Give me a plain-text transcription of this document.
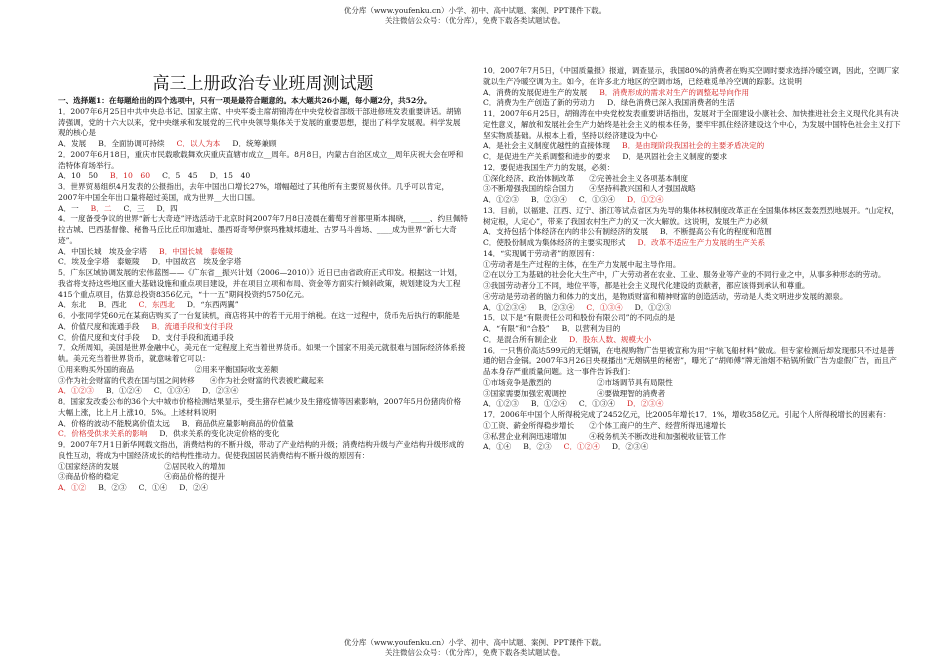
优分库（www.youfenku.cn）小学、初中、高中试题、案例、PPT课件下载。
关注微信公众号：（优分库），免费下载各类试题试卷。
高三上册政治专业班周测试题
一、选择题1：在每题给出的四个选项中，只有一项是最符合题意的。本大题共26小题，每小题2分，共52分。
1．2007年6月25日中共中央总书记、国家主席、中央军委主席胡锦涛在中央党校省部级干部进修班发表重要讲话。胡锦涛强调，党的十六大以来，党中央继承和发展党的三代中央领导集体关于发展的重要思想，提出了科学发展观。科学发展观的核心是
A．发展 B．全面协调可持续 C．以人为本 D．统筹兼顾
2．2007年6月18日，重庆市民载歌载舞欢庆重庆直辖市成立__周年。8月8日，内蒙古自治区成立__周年庆祝大会在呼和浩特体育场举行。
A．10　50 B．10　60 C．5　45 D．15　40
3．世界贸易组织4月发表的公报指出，去年中国出口增长27%，增幅超过了其他所有主要贸易伙伴。几乎可以肯定，2007年中国全年出口量将超过美国，成为世界__大出口国。
A．一 B．二 C．三 D．四
4．一度备受争议的世界“新七大奇迹”评选活动于北京时间2007年7月8日凌晨在葡萄牙首都里斯本揭晓，_____、约旦佩特拉古城、巴西基督像、秘鲁马丘比丘印加遗址、墨西哥奇琴伊察玛雅城邦遗址、古罗马斗兽场、____成为世界“新七大奇迹”。
A．中国长城　埃及金字塔 B．中国长城　泰姬陵
C．埃及金字塔　泰姬陵 D．中国故宫　埃及金字塔
5．广东区域协调发展的宏伟蓝图——《广东省__振兴计划（2006—2010）》近日已由省政府正式印发。根据这一计划，我省将支持这些地区重大基础设施和重点项目建设，并在项目立项和布局、资金等方面实行倾斜政策，规划建设为大工程415个重点项目，估算总投资8356亿元，“十一五”期间投资约5750亿元。
A．东北 B．西北 C．东西北 D．“东西两翼”
6．小张同学凭60元在某商店购买了一台复读机，商店将其中的若干元用于纳税。在这一过程中，货币先后执行的职能是
A．价值尺度和流通手段 B．流通手段和支付手段
C．价值尺度和支付手段 D．支付手段和流通手段
7．众所周知，美国是世界金融中心，美元在一定程度上充当着世界货币。如果一个国家不用美元就很难与国际经济体系接轨。美元充当着世界货币，就意味着它可以：
①用来购买外国的商品　　　　　　　　②用来平衡国际收支差额
③作为社会财富的代表在国与国之间转移　　④作为社会财富的代表被贮藏起来
A．①②③ B．①②④ C．①③④ D．②③④
8．国家发改委公布的36个大中城市价格检测结果显示，受生猪存栏减少及生猪疫情等因素影响，2007年5月份猪肉价格大幅上涨，比上月上涨10．5%。上述材料说明
A．价格的波动不能脱离价值太远 B．商品供应量影响商品的价值量
C．价格受供求关系的影响 D．供求关系的变化决定价格的变化
9．2007年7月1日新华网载文指出，消费结构的不断升级，带动了产业结构的升级；消费结构升级与产业结构升级形成的良性互动，将成为中国经济成长的结构性推动力。促使我国居民消费结构不断升级的原因有：
①国家经济的发展　　　　　　②居民收入的增加
③商品价格的稳定　　　　　　④商品价格的提升
A．①② B．②③ C．①④ D．②④
10．2007年7月5日，《中国质量报》报道，调查显示，我国80%的消费者在购买空调时要求选择冷暖空调，因此，空调厂家就以生产冷暖空调为主。如今，在许多北方地区的空调市场，已经难觅单冷空调的踪影。这说明
A．消费的发展促进生产的发展 B．消费形成的需求对生产的调整起导向作用
C．消费为生产创造了新的劳动力 D．绿色消费已深入我国消费者的生活
11．2007年6月25日，胡锦涛在中央党校发表重要讲话指出，发展对于全面建设小康社会、加快推进社会主义现代化具有决定性意义，解放和发展社会生产力始终是社会主义的根本任务，要牢牢抓住经济建设这个中心，为发展中国特色社会主义打下坚实物质基础。从根本上看，坚持以经济建设为中心
A．是社会主义制度优越性的直接体现 B．是由现阶段我国社会的主要矛盾决定的
C．是促进生产关系调整和进步的要求 D．是巩固社会主义制度的要求
12．要促进我国生产力的发展，必须：
①深化经济、政治体制改革　　②完善社会主义各项基本制度
③不断增强我国的综合国力　　④坚持科教兴国和人才强国战略
A．①②③ B．②③④ C．①③④ D．①②④
13．目前，以福建、江西、辽宁、浙江等试点省区为先导的集体林权制度改革正在全国集体林区轰轰烈烈地展开。“山定权，树定根，人定心”，带来了我国农村生产力的又一次大解放。这说明，发展生产力必须
A．支持包括个体经济在内的非公有制经济的发展 B．不断提高公有化的程度和范围
C．使股份制成为集体经济的主要实现形式 D．改革不适应生产力发展的生产关系
14．“实现属于劳动者”的原因有：
①劳动者是生产过程的主体，在生产力发展中起主导作用。
②在以分工为基础的社会化大生产中，广大劳动者在农业、工业、服务业等产业的不同行业之中，从事多种形态的劳动。
③我国劳动者分工不同，地位平等，都是社会主义现代化建设的贡献者，都应该得到承认和尊重。
④劳动是劳动者的脑力和体力的支出，是物质财富和精神财富的创造活动，劳动是人类文明进步发展的源泉。
A．①②③④ B．②③④ C．①③④ D．①②③
15．以下是“有限责任公司和股份有限公司”的不同点的是
A．“有限”和“合股” B．以营利为目的
C．是混合所有制企业 D．股东人数、规模大小
16．一只售价高达599元的无烟锅，在电视购物广告里被宣称为用“宇航飞船材料”做成。但专家检测后却发现那只不过是普通的铝合金锅。2007年3月26日央视播出“无烟锅里的秘密”，曝光了“胡师傅”牌无油烟不粘锅所做广告为虚假广告，而且产品本身存严重质量问题。这一事件告诉我们：
①市场竞争是激烈的　　　　　　②市场调节具有局限性
③国家需要加强宏观调控　　　　④要做理智的消费者
A．①②③ B．①②④ C．①③④ D．②③④
17．2006年中国个人所得税完成了2452亿元，比2005年增长17．1%，增收358亿元。引起个人所得税增长的因素有：
①工资、薪金所得稳步增长　　②个体工商户的生产、经营所得迅速增长
③私营企业利润迅速增加　　　④税务机关不断改进和加强税收征管工作
A．①④ B．②③ C．①②④ D．②③④
优分库（www.youfenku.cn）小学、初中、高中试题、案例、PPT课件下载。
关注微信公众号：（优分库），免费下载各类试题试卷。
